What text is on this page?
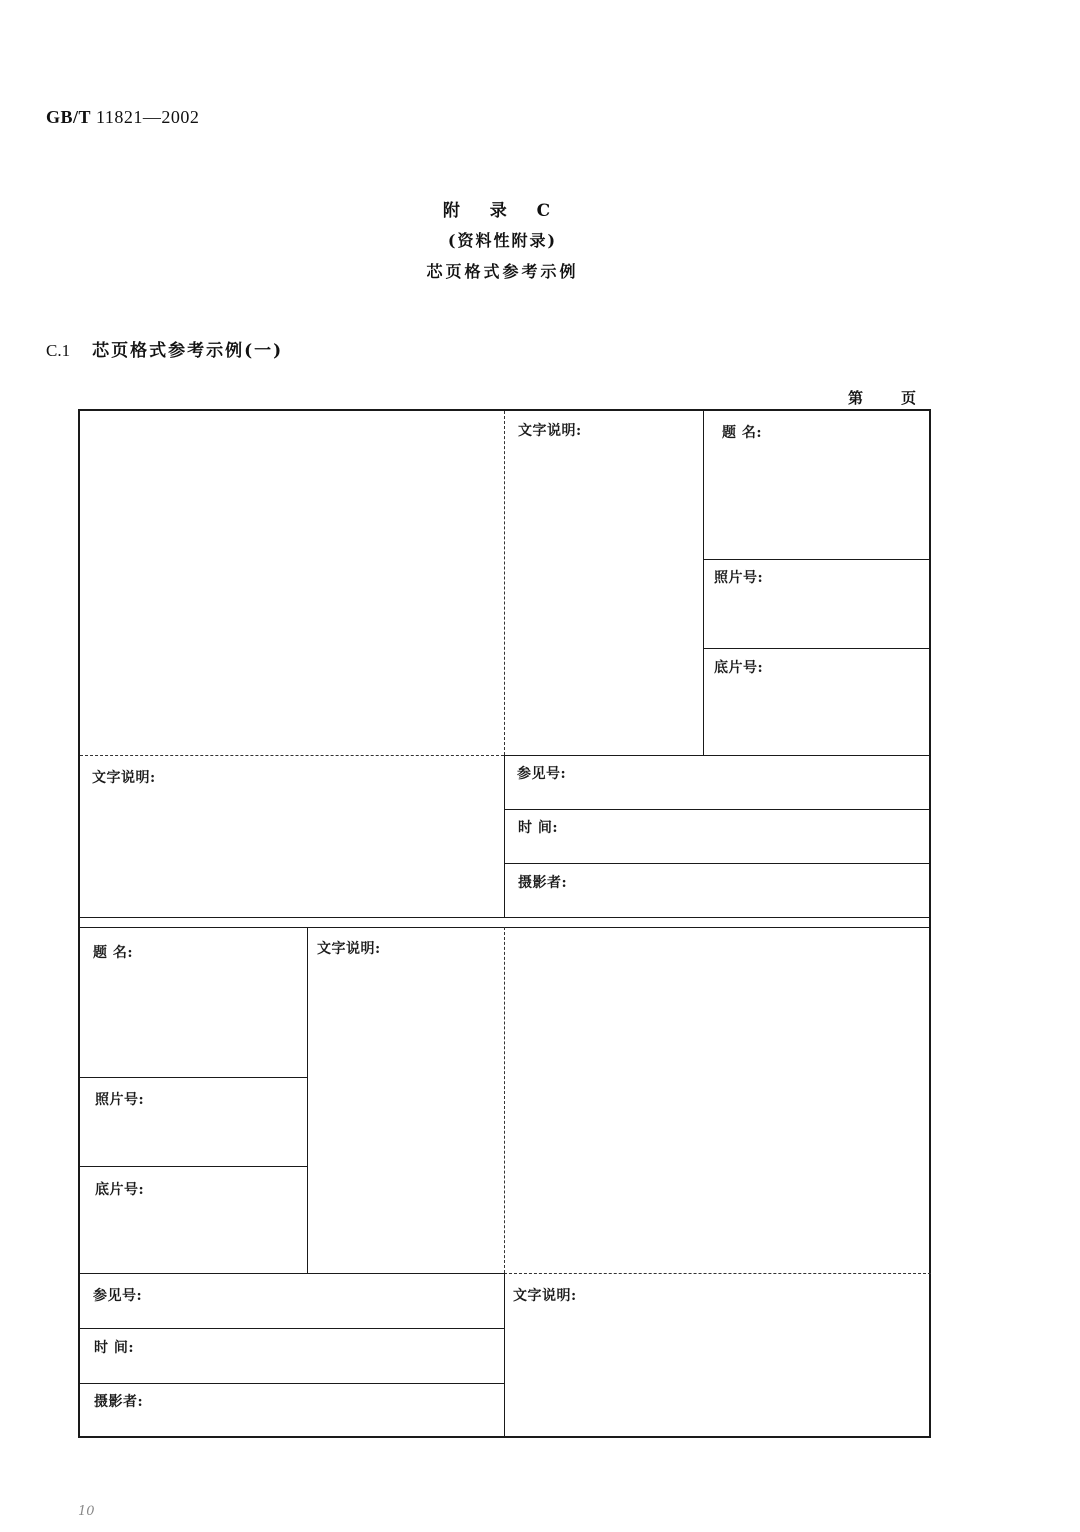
GB/T 11821—2002
附 录 C
(资料性附录)
芯页格式参考示例
C.1 芯页格式参考示例(一)
第	页
文字说明:	题 名:
照片号:
底片号:
文字说明:	参见号:
时 间:
摄影者:
题 名:	文字说明:
照片号:
底片号:
参见号:
时 间:
摄影者:
文字说明:
10
